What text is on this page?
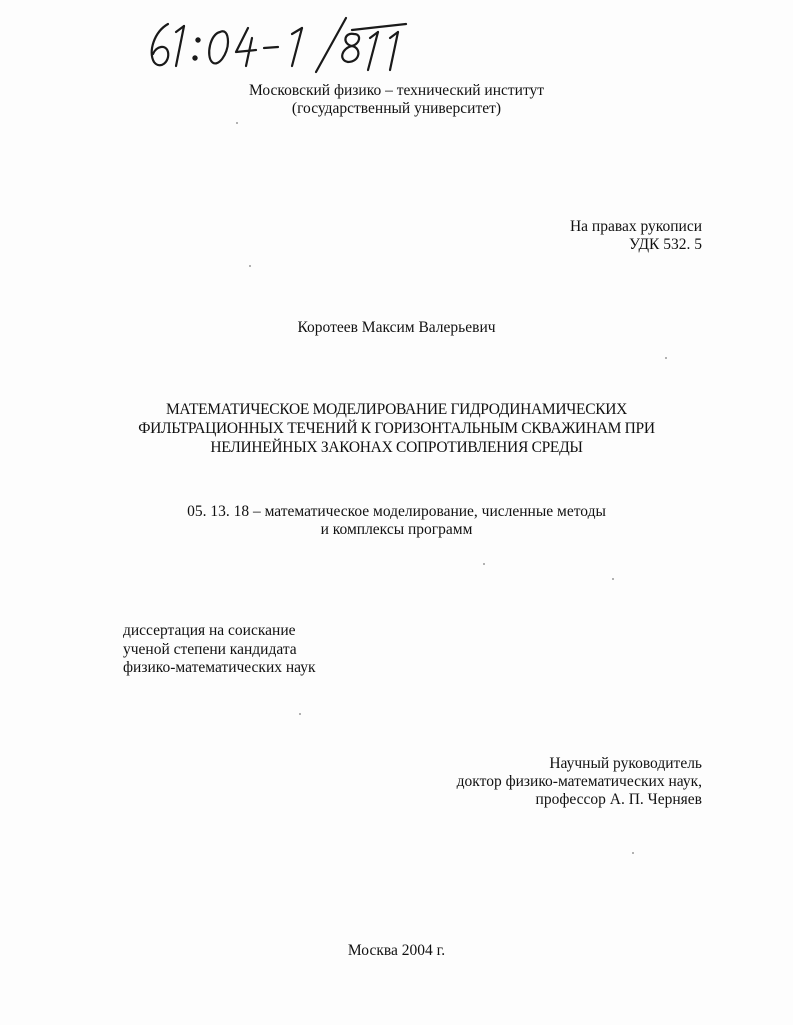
Московский физико – технический институт
(государственный университет)
На правах рукописи
УДК 532. 5
Коротеев Максим Валерьевич
МАТЕМАТИЧЕСКОЕ МОДЕЛИРОВАНИЕ ГИДРОДИНАМИЧЕСКИХ
ФИЛЬТРАЦИОННЫХ ТЕЧЕНИЙ К ГОРИЗОНТАЛЬНЫМ СКВАЖИНАМ ПРИ
НЕЛИНЕЙНЫХ ЗАКОНАХ СОПРОТИВЛЕНИЯ СРЕДЫ
05. 13. 18 – математическое моделирование, численные методы
и комплексы программ
диссертация на соискание
ученой степени кандидата
физико-математических наук
Научный руководитель
доктор физико-математических наук,
профессор А. П. Черняев
Москва 2004 г.
